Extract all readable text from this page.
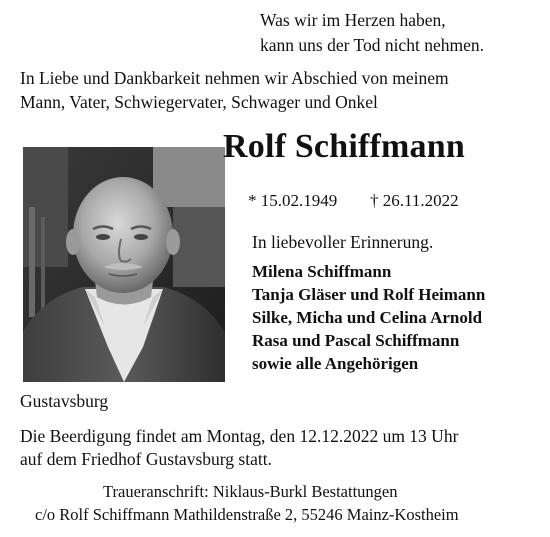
Was wir im Herzen haben,

kann uns der Tod nicht nehmen.

In Liebe und Dankbarkeit nehmen wir Abschied von meinem

Mann, Vater, Schwiegervater, Schwager und Onkel

Rolf Schiffmann
* 15.02.1949 † 26.11.2022

In liebevoller Erinnerung.

Milena Schiffmann

Tanja Gläser und Rolf Heimann

Silke, Micha und Celina Arnold

Rasa und Pascal Schiffmann

sowie alle Angehörigen

Gustavsburg

Die Beerdigung findet am Montag, den 12.12.2022 um 13 Uhr

auf dem Friedhof Gustavsburg statt.

Traueranschrift: Niklaus-Burkl Bestattungen

c/o Rolf Schiffmann Mathildenstraße 2, 55246 Mainz-Kostheim
